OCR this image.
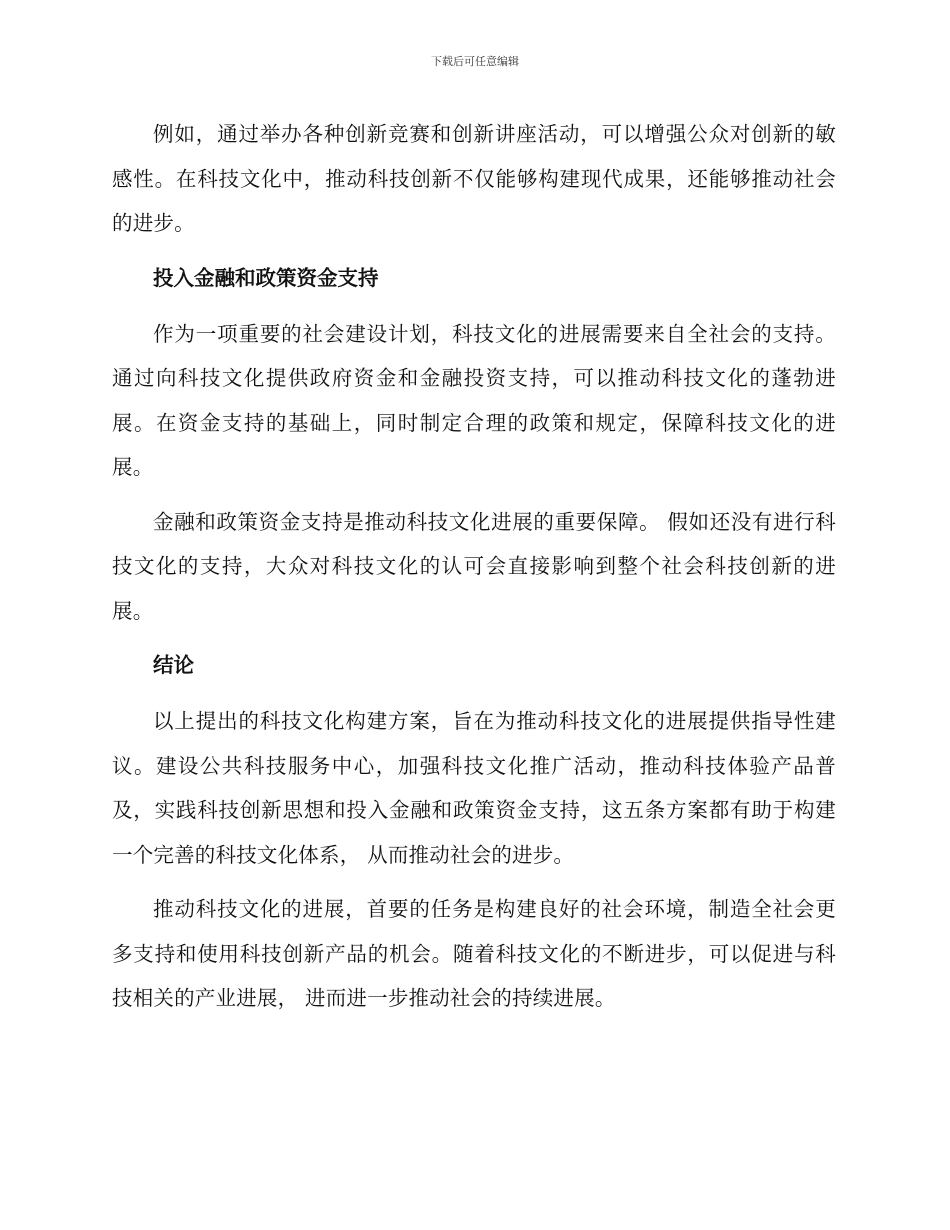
下载后可任意编辑

例如，通过举办各种创新竞赛和创新讲座活动，可以增强公众对创新的敏感性。在科技文化中，推动科技创新不仅能够构建现代成果，还能够推动社会的进步。

投入金融和政策资金支持

作为一项重要的社会建设计划，科技文化的进展需要来自全社会的支持。通过向科技文化提供政府资金和金融投资支持，可以推动科技文化的蓬勃进展。在资金支持的基础上，同时制定合理的政策和规定，保障科技文化的进展。

金融和政策资金支持是推动科技文化进展的重要保障。 假如还没有进行科技文化的支持，大众对科技文化的认可会直接影响到整个社会科技创新的进展。

结论

以上提出的科技文化构建方案，旨在为推动科技文化的进展提供指导性建议。建设公共科技服务中心，加强科技文化推广活动，推动科技体验产品普及，实践科技创新思想和投入金融和政策资金支持，这五条方案都有助于构建一个完善的科技文化体系， 从而推动社会的进步。

推动科技文化的进展，首要的任务是构建良好的社会环境，制造全社会更多支持和使用科技创新产品的机会。随着科技文化的不断进步，可以促进与科技相关的产业进展， 进而进一步推动社会的持续进展。
